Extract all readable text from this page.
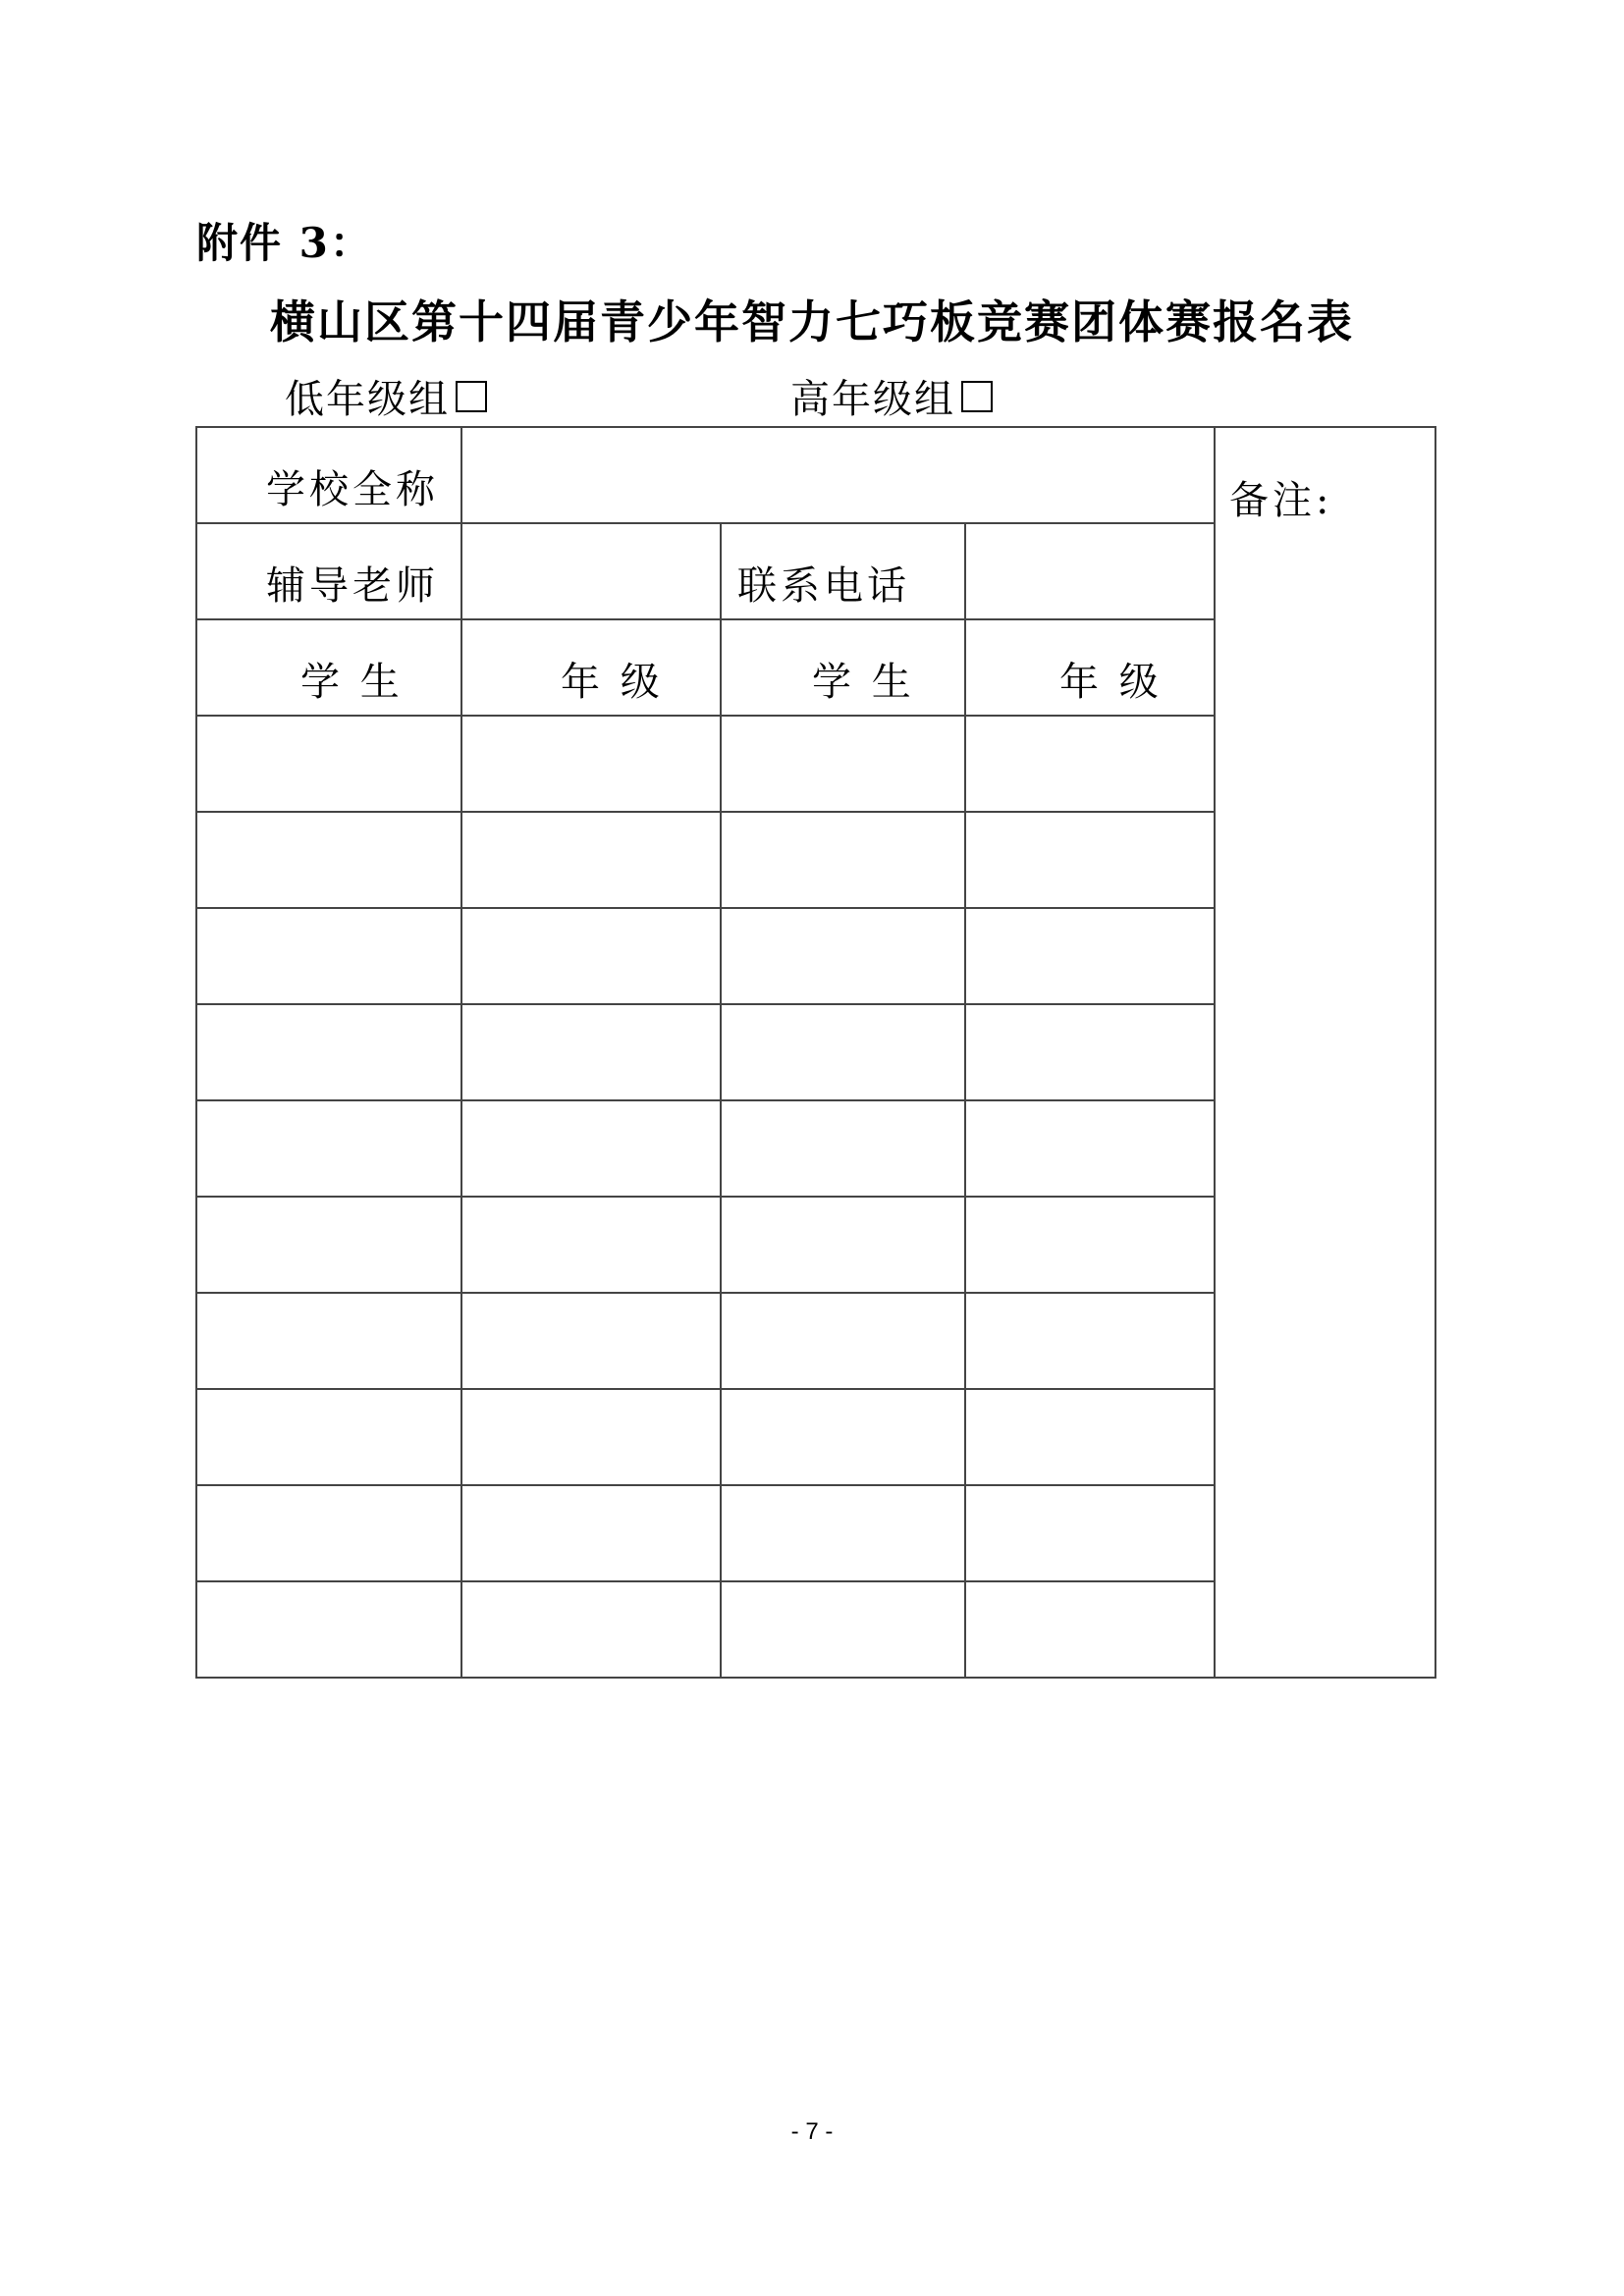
附件 3：
横山区第十四届青少年智力七巧板竞赛团体赛报名表
低年级组	高年级组
学校全称				备注:	
辅导老师		联系电话			
学 生	年 级	学 生	年 级		

- 7 -
